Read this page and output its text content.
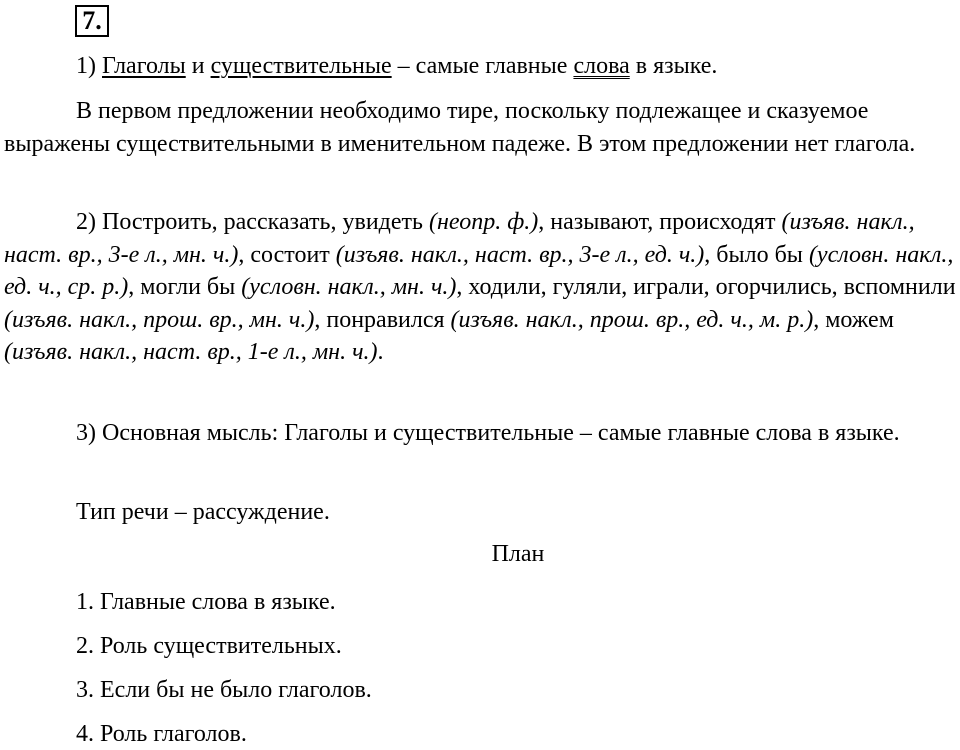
7.

1) Глаголы и существительные – самые главные слова в языке.

В первом предложении необходимо тире, поскольку подлежащее и сказуемое выражены существительными в именительном падеже. В этом предложении нет глагола.

2) Построить, рассказать, увидеть (неопр. ф.), называют, происходят (изъяв. накл., наст. вр., 3-е л., мн. ч.), состоит (изъяв. накл., наст. вр., 3-е л., ед. ч.), было бы (условн. накл., ед. ч., ср. р.), могли бы (условн. накл., мн. ч.), ходили, гуляли, играли, огорчились, вспомнили (изъяв. накл., прош. вр., мн. ч.), понравился (изъяв. накл., прош. вр., ед. ч., м. р.), можем (изъяв. накл., наст. вр., 1-е л., мн. ч.).

3) Основная мысль: Глаголы и существительные – самые главные слова в языке.

Тип речи – рассуждение.
План
1. Главные слова в языке.
2. Роль существительных.
3. Если бы не было глаголов.
4. Роль глаголов.
